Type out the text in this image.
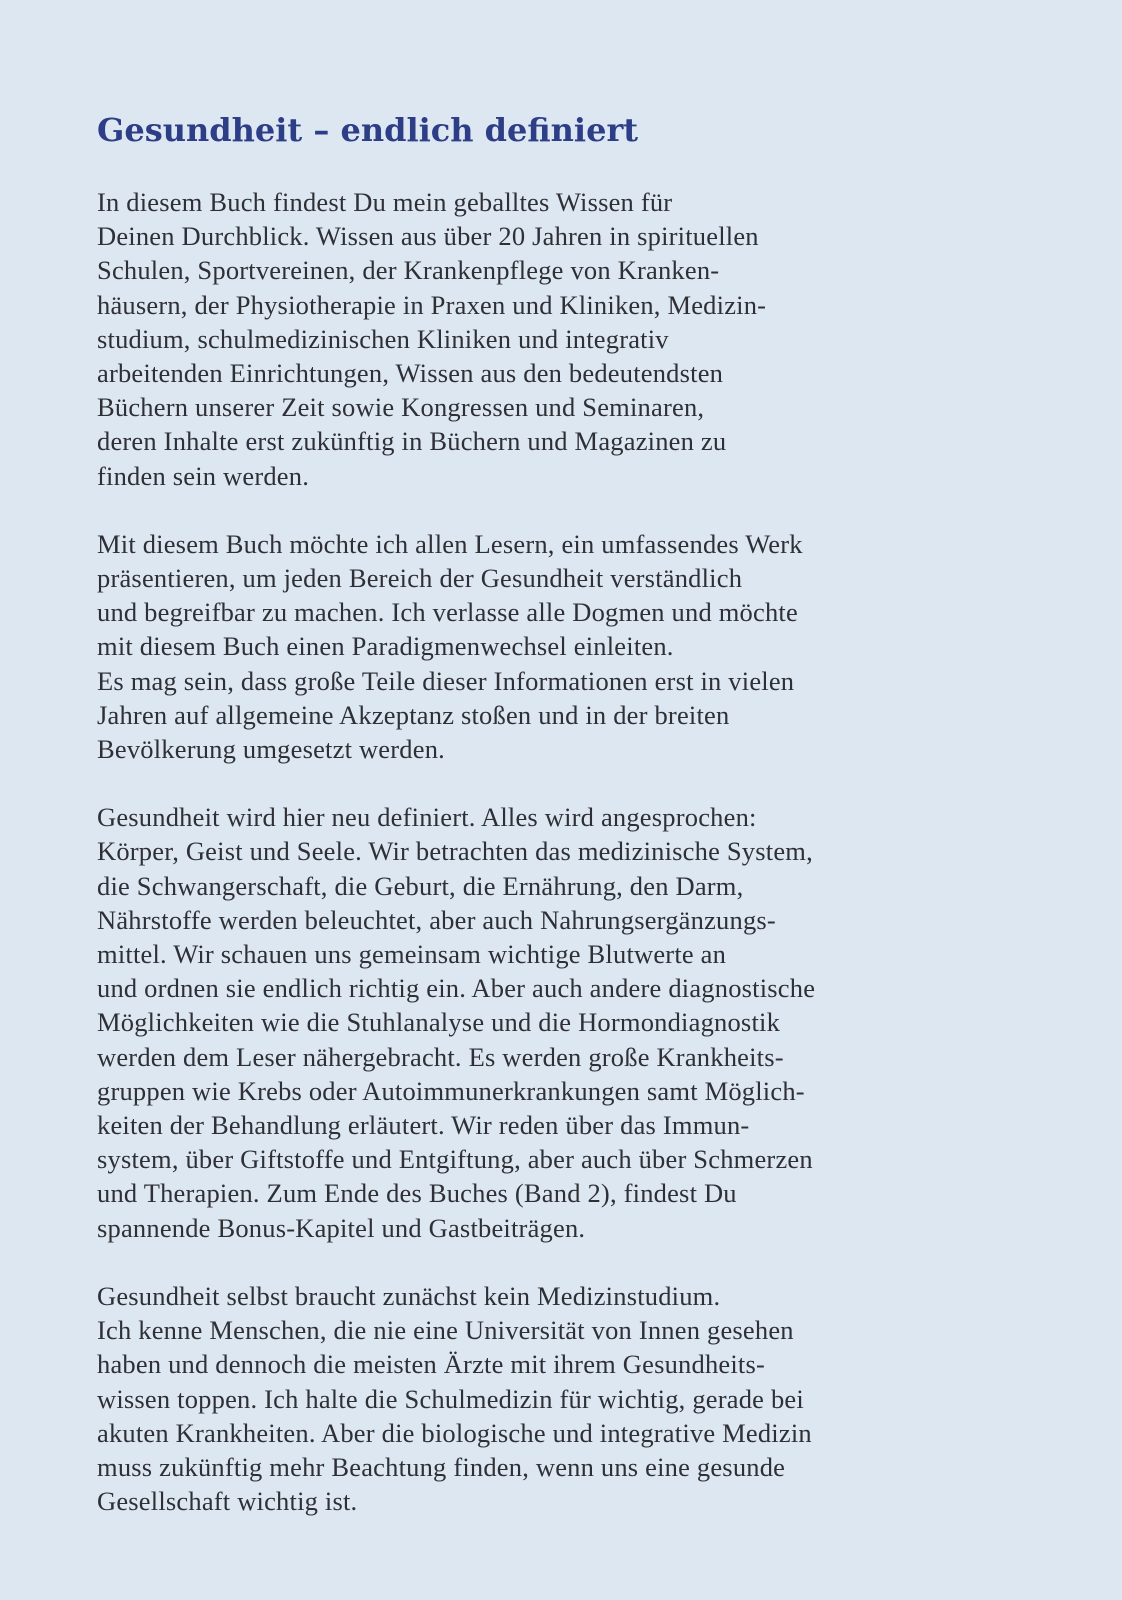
Gesundheit – endlich definiert
In diesem Buch findest Du mein geballtes Wissen für
Deinen Durchblick. Wissen aus über 20 Jahren in spirituellen
Schulen, Sportvereinen, der Krankenpflege von Kranken-
häusern, der Physiotherapie in Praxen und Kliniken, Medizin-
studium, schulmedizinischen Kliniken und integrativ
arbeitenden Einrichtungen, Wissen aus den bedeutendsten
Büchern unserer Zeit sowie Kongressen und Seminaren,
deren Inhalte erst zukünftig in Büchern und Magazinen zu
finden sein werden.
Mit diesem Buch möchte ich allen Lesern, ein umfassendes Werk
präsentieren, um jeden Bereich der Gesundheit verständlich
und begreifbar zu machen. Ich verlasse alle Dogmen und möchte
mit diesem Buch einen Paradigmenwechsel einleiten.
Es mag sein, dass große Teile dieser Informationen erst in vielen
Jahren auf allgemeine Akzeptanz stoßen und in der breiten
Bevölkerung umgesetzt werden.
Gesundheit wird hier neu definiert. Alles wird angesprochen:
Körper, Geist und Seele. Wir betrachten das medizinische System,
die Schwangerschaft, die Geburt, die Ernährung, den Darm,
Nährstoffe werden beleuchtet, aber auch Nahrungsergänzungs-
mittel. Wir schauen uns gemeinsam wichtige Blutwerte an
und ordnen sie endlich richtig ein. Aber auch andere diagnostische
Möglichkeiten wie die Stuhlanalyse und die Hormondiagnostik
werden dem Leser nähergebracht. Es werden große Krankheits-
gruppen wie Krebs oder Autoimmunerkrankungen samt Möglich-
keiten der Behandlung erläutert. Wir reden über das Immun-
system, über Giftstoffe und Entgiftung, aber auch über Schmerzen
und Therapien. Zum Ende des Buches (Band 2), findest Du
spannende Bonus-Kapitel und Gastbeiträgen.
Gesundheit selbst braucht zunächst kein Medizinstudium.
Ich kenne Menschen, die nie eine Universität von Innen gesehen
haben und dennoch die meisten Ärzte mit ihrem Gesundheits-
wissen toppen. Ich halte die Schulmedizin für wichtig, gerade bei
akuten Krankheiten. Aber die biologische und integrative Medizin
muss zukünftig mehr Beachtung finden, wenn uns eine gesunde
Gesellschaft wichtig ist.
